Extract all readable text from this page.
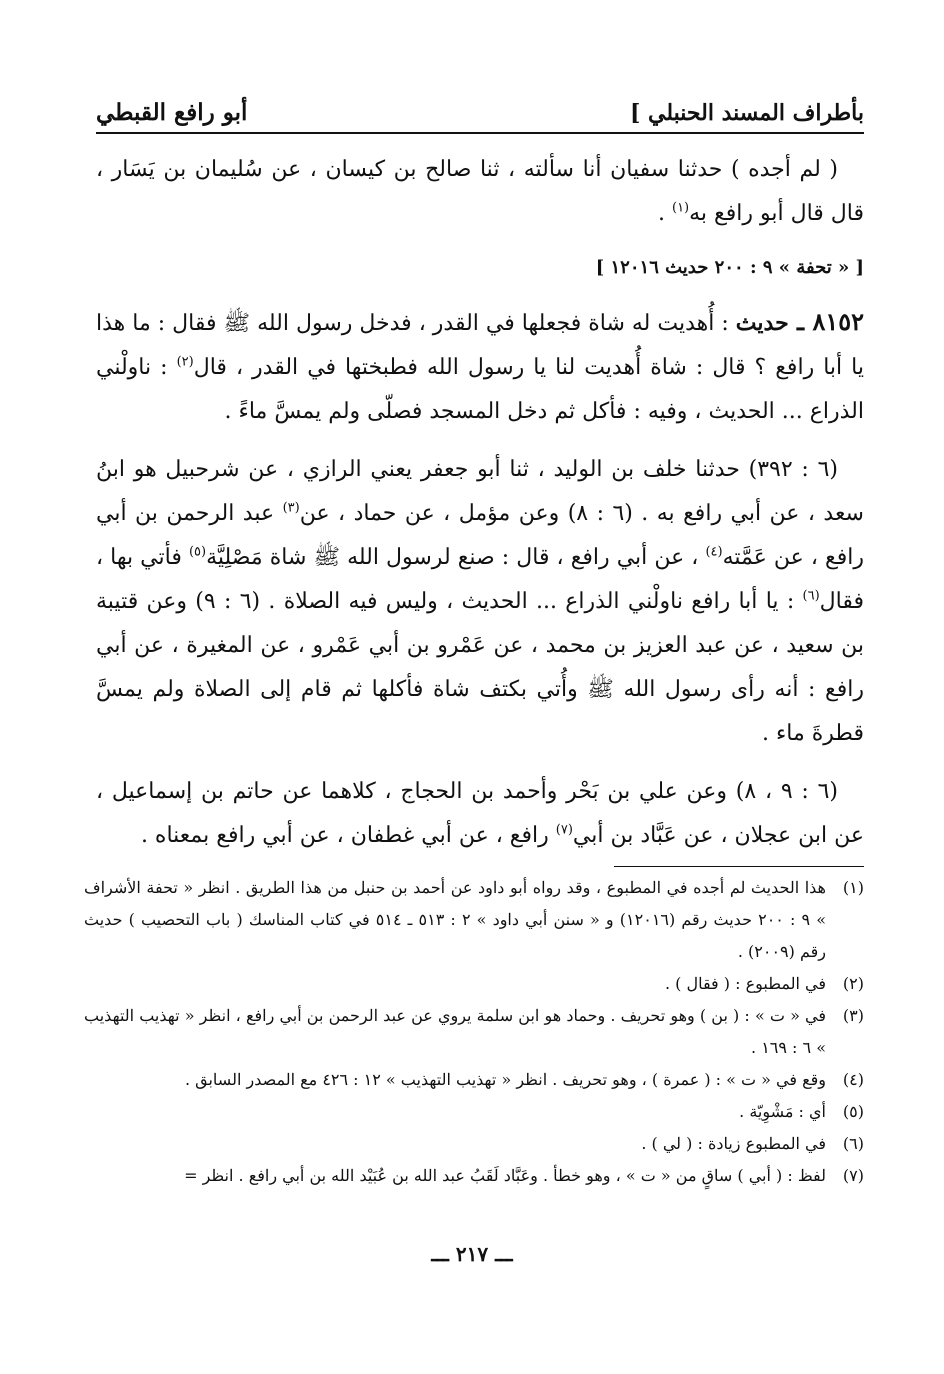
بأطراف المسند الحنبلي ]
أبو رافع القبطي

( لم أجده ) حدثنا سفيان أنا سألته ، ثنا صالح بن كيسان ، عن سُليمان بن يَسَار ، قال قال أبو رافع به$^{(١)}$ .

[ « تحفة » ٩ : ٢٠٠ حديث ١٢٠١٦ ]

٨١٥٢ ـ حديث : أُهديت له شاة فجعلها في القدر ، فدخل رسول الله ﷺ فقال : ما هذا يا أبا رافع ؟ قال : شاة أُهديت لنا يا رسول الله فطبختها في القدر ، قال$^{(٢)}$ : ناولْني الذراع ... الحديث ، وفيه : فأكل ثم دخل المسجد فصلّى ولم يمسَّ ماءً .

(٦ : ٣٩٢) حدثنا خلف بن الوليد ، ثنا أبو جعفر يعني الرازي ، عن شرحبيل هو ابنُ سعد ، عن أبي رافع به . (٦ : ٨) وعن مؤمل ، عن حماد ، عن$^{(٣)}$ عبد الرحمن بن أبي رافع ، عن عَمَّته$^{(٤)}$ ، عن أبي رافع ، قال : صنع لرسول الله ﷺ شاة مَصْلِيَّة$^{(٥)}$ فأتي بها ، فقال$^{(٦)}$ : يا أبا رافع ناولْني الذراع ... الحديث ، وليس فيه الصلاة . (٦ : ٩) وعن قتيبة بن سعيد ، عن عبد العزيز بن محمد ، عن عَمْرو بن أبي عَمْرو ، عن المغيرة ، عن أبي رافع : أنه رأى رسول الله ﷺ وأُتي بكتف شاة فأكلها ثم قام إلى الصلاة ولم يمسَّ قطرةَ ماء .

(٦ : ٩ ، ٨) وعن علي بن بَحْر وأحمد بن الحجاج ، كلاهما عن حاتم بن إسماعيل ، عن ابن عجلان ، عن عَبَّاد بن أبي$^{(٧)}$ رافع ، عن أبي غطفان ، عن أبي رافع بمعناه .

(١)
هذا الحديث لم أجده في المطبوع ، وقد رواه أبو داود عن أحمد بن حنبل من هذا الطريق . انظر « تحفة الأشراف » ٩ : ٢٠٠ حديث رقم (١٢٠١٦) و « سنن أبي داود » ٢ : ٥١٣ ـ ٥١٤ في كتاب المناسك ( باب التحصيب ) حديث رقم (٢٠٠٩) .
(٢)
في المطبوع : ( فقال ) .
(٣)
في « ت » : ( بن ) وهو تحريف . وحماد هو ابن سلمة يروي عن عبد الرحمن بن أبي رافع ، انظر « تهذيب التهذيب » ٦ : ١٦٩ .
(٤)
وقع في « ت » : ( عمرة ) ، وهو تحريف . انظر « تهذيب التهذيب » ١٢ : ٤٢٦ مع المصدر السابق .
(٥)
أي : مَشْوِيّة .
(٦)
في المطبوع زيادة : ( لي ) .
(٧)
لفظ : ( أبي ) ساقٍ من « ت » ، وهو خطأ . وعَبَّاد لَقَبُ عبد الله بن عُبَيْد الله بن أبي رافع . انظر =
ـــ ٢١٧ ـــ
